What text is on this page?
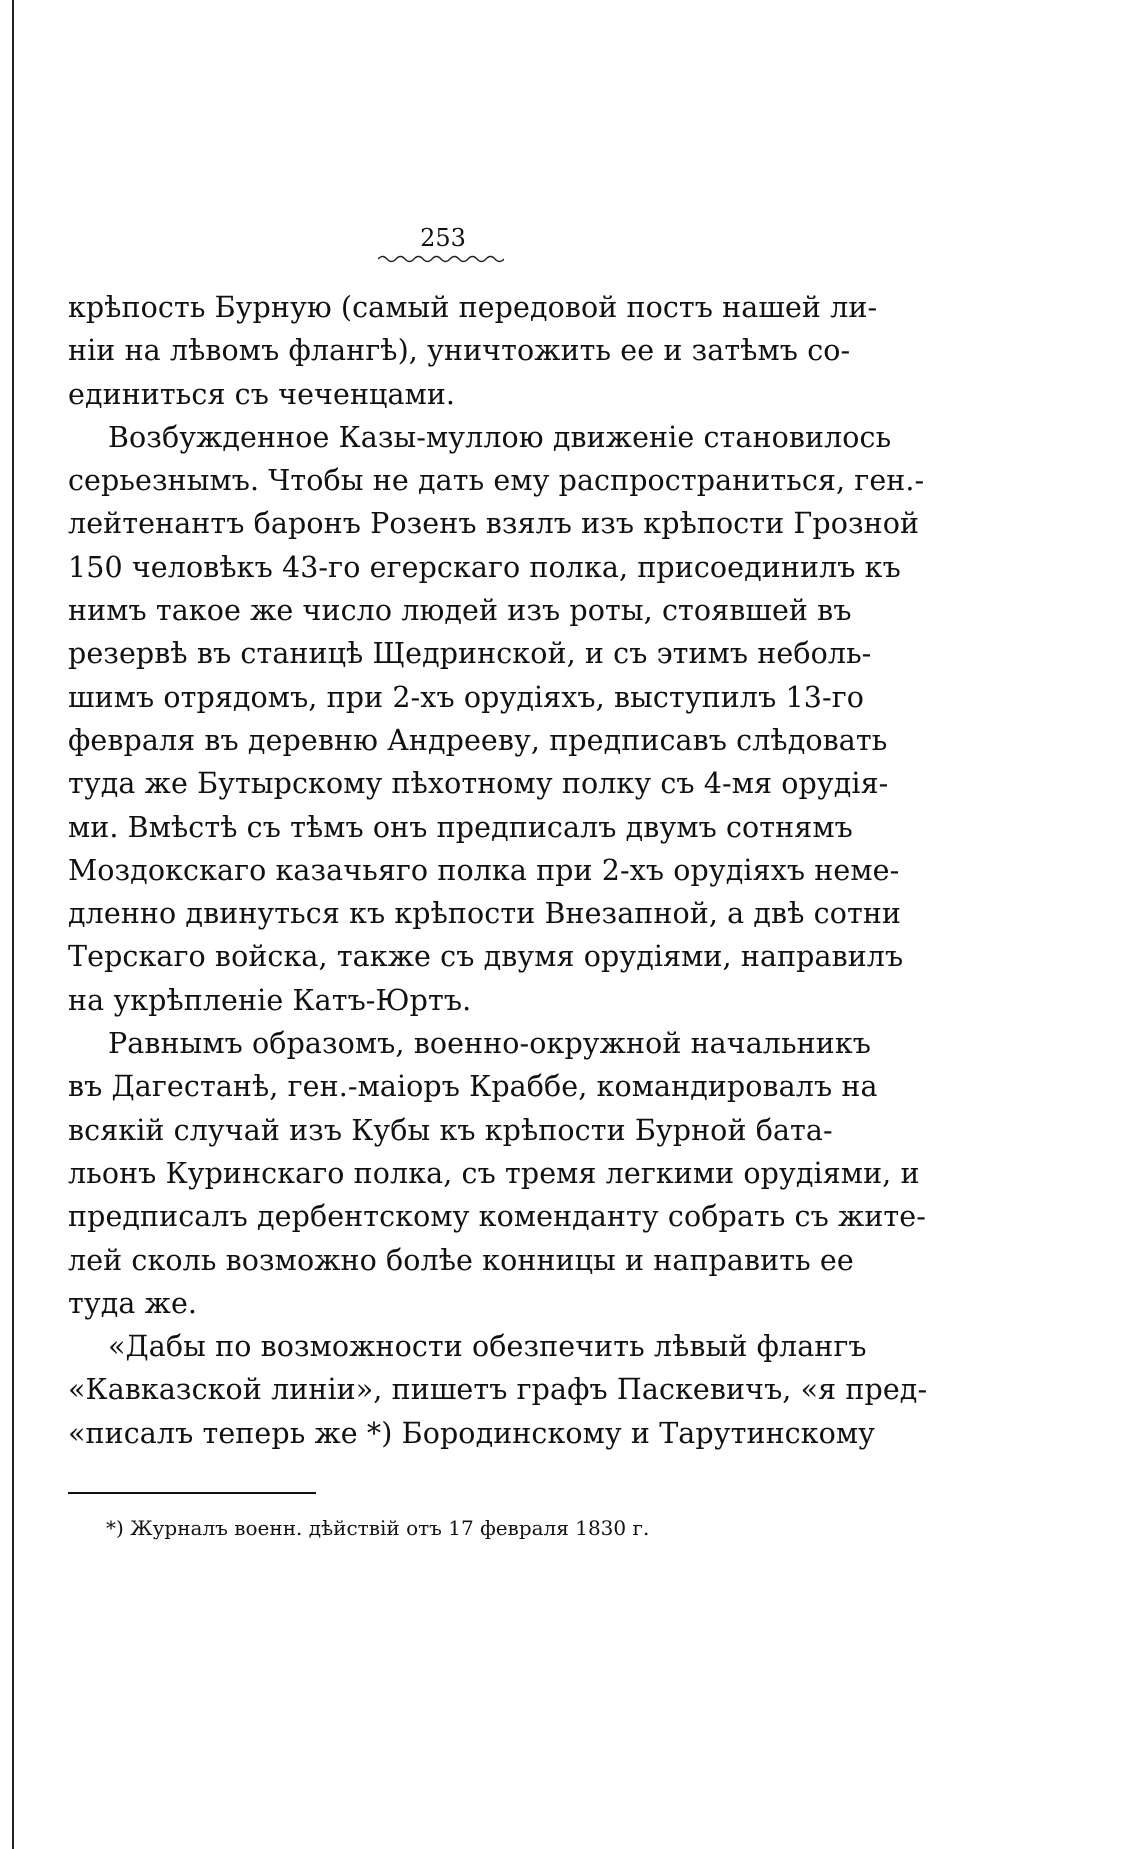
253
крѣпость Бурную (самый передовой постъ нашей ли-
ніи на лѣвомъ флангѣ), уничтожить ее и затѣмъ со-
единиться съ чеченцами.
Возбужденное Казы-муллою движеніе становилось
серьезнымъ. Чтобы не дать ему распространиться, ген.-
лейтенантъ баронъ Розенъ взялъ изъ крѣпости Грозной
150 человѣкъ 43-го егерскаго полка, присоединилъ къ
нимъ такое же число людей изъ роты, стоявшей въ
резервѣ въ станицѣ Щедринской, и съ этимъ неболь-
шимъ отрядомъ, при 2-хъ орудіяхъ, выступилъ 13-го
февраля въ деревню Андрееву, предписавъ слѣдовать
туда же Бутырскому пѣхотному полку съ 4-мя орудія-
ми. Вмѣстѣ съ тѣмъ онъ предписалъ двумъ сотнямъ
Моздокскаго казачьяго полка при 2-хъ орудіяхъ неме-
дленно двинуться къ крѣпости Внезапной, а двѣ сотни
Терскаго войска, также съ двумя орудіями, направилъ
на укрѣпленіе Катъ-Юртъ.
Равнымъ образомъ, военно-окружной начальникъ
въ Дагестанѣ, ген.-маіоръ Краббе, командировалъ на
всякій случай изъ Кубы къ крѣпости Бурной бата-
льонъ Куринскаго полка, съ тремя легкими орудіями, и
предписалъ дербентскому коменданту собрать съ жите-
лей сколь возможно болѣе конницы и направить ее
туда же.
«Дабы по возможности обезпечить лѣвый флангъ
«Кавказской линіи», пишетъ графъ Паскевичъ, «я пред-
«писалъ теперь же *) Бородинскому и Тарутинскому
*) Журналъ военн. дѣйствій отъ 17 февраля 1830 г.
